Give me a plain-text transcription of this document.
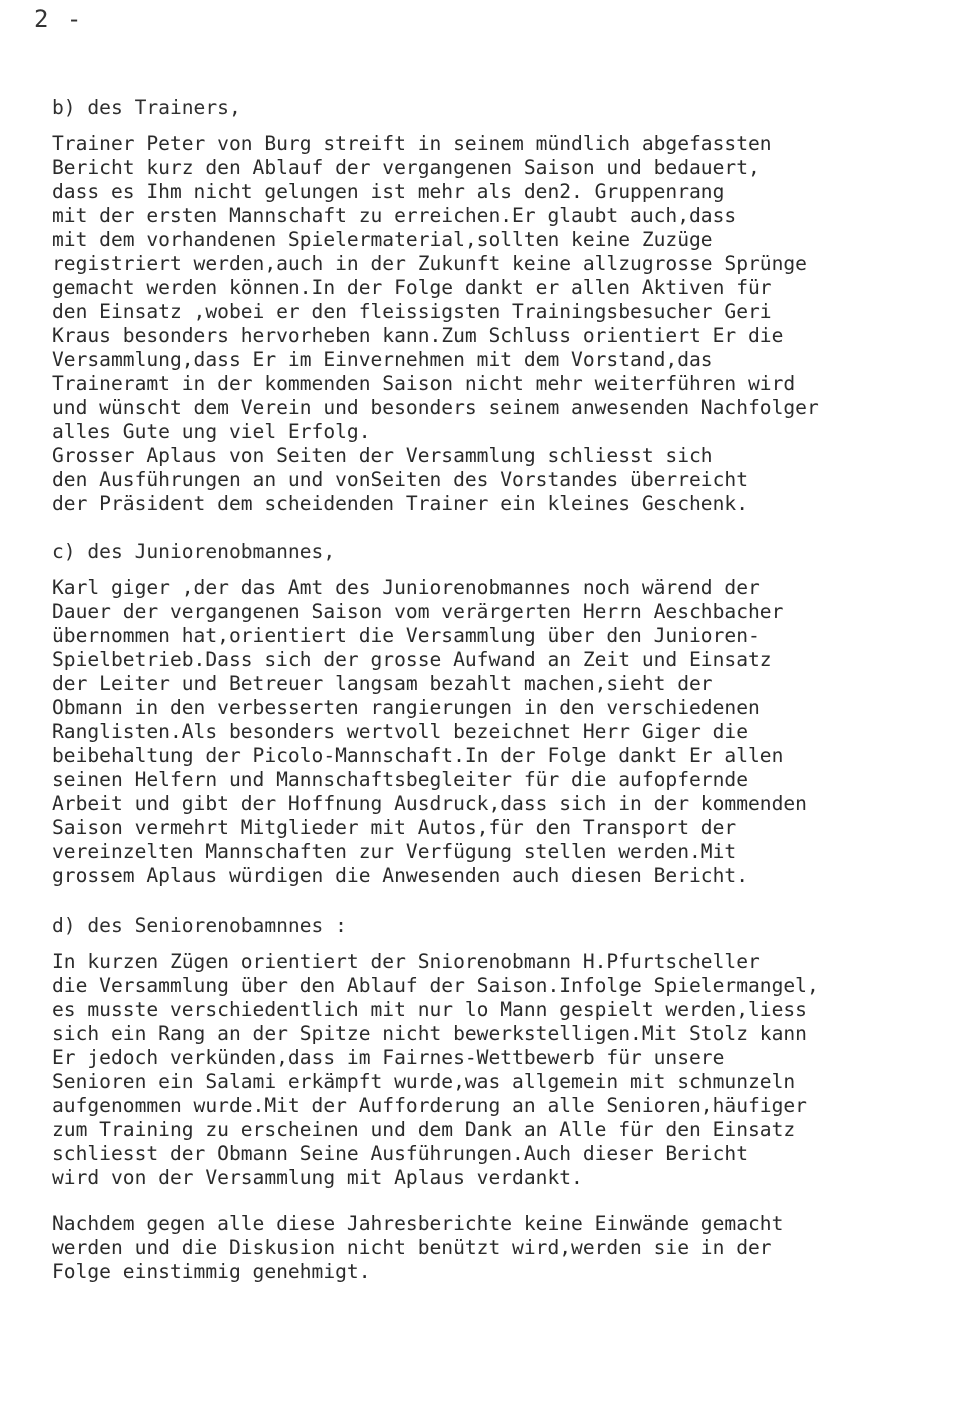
2 -
b) des Trainers,
Trainer Peter von Burg streift in seinem mündlich abgefassten
Bericht kurz den Ablauf der vergangenen Saison und bedauert,
dass es Ihm nicht gelungen ist mehr als den2. Gruppenrang
mit der ersten Mannschaft zu erreichen.Er glaubt auch,dass
mit dem vorhandenen Spielermaterial,sollten keine Zuzüge
registriert werden,auch in der Zukunft keine allzugrosse Sprünge
gemacht werden können.In der Folge dankt er allen Aktiven für
den Einsatz ,wobei er den fleissigsten Trainingsbesucher Geri
Kraus besonders hervorheben kann.Zum Schluss orientiert Er die
Versammlung,dass Er im Einvernehmen mit dem Vorstand,das
Traineramt in der kommenden Saison nicht mehr weiterführen wird
und wünscht dem Verein und besonders seinem anwesenden Nachfolger
alles Gute ung viel Erfolg.
Grosser Aplaus von Seiten der Versammlung schliesst sich
den Ausführungen an und vonSeiten des Vorstandes überreicht
der Präsident dem scheidenden Trainer ein kleines Geschenk.
c) des Juniorenobmannes,
Karl giger ,der das Amt des Juniorenobmannes noch wärend der
Dauer der vergangenen Saison vom verärgerten Herrn Aeschbacher
übernommen hat,orientiert die Versammlung über den Junioren-
Spielbetrieb.Dass sich der grosse Aufwand an Zeit und Einsatz
der Leiter und Betreuer langsam bezahlt machen,sieht der
Obmann in den verbesserten rangierungen in den verschiedenen
Ranglisten.Als besonders wertvoll bezeichnet Herr Giger die
beibehaltung der Picolo-Mannschaft.In der Folge dankt Er allen
seinen Helfern und Mannschaftsbegleiter für die aufopfernde
Arbeit und gibt der Hoffnung Ausdruck,dass sich in der kommenden
Saison vermehrt Mitglieder mit Autos,für den Transport der
vereinzelten Mannschaften zur Verfügung stellen werden.Mit
grossem Aplaus würdigen die Anwesenden auch diesen Bericht.
d) des Seniorenobamnnes :
In kurzen Zügen orientiert der Sniorenobmann H.Pfurtscheller
die Versammlung über den Ablauf der Saison.Infolge Spielermangel,
es musste verschiedentlich mit nur lo Mann gespielt werden,liess
sich ein Rang an der Spitze nicht bewerkstelligen.Mit Stolz kann
Er jedoch verkünden,dass im Fairnes-Wettbewerb für unsere
Senioren ein Salami erkämpft wurde,was allgemein mit schmunzeln
aufgenommen wurde.Mit der Aufforderung an alle Senioren,häufiger
zum Training zu erscheinen und dem Dank an Alle für den Einsatz
schliesst der Obmann Seine Ausführungen.Auch dieser Bericht
wird von der Versammlung mit Aplaus verdankt.
Nachdem gegen alle diese Jahresberichte keine Einwände gemacht
werden und die Diskusion nicht benützt wird,werden sie in der
Folge einstimmig genehmigt.
